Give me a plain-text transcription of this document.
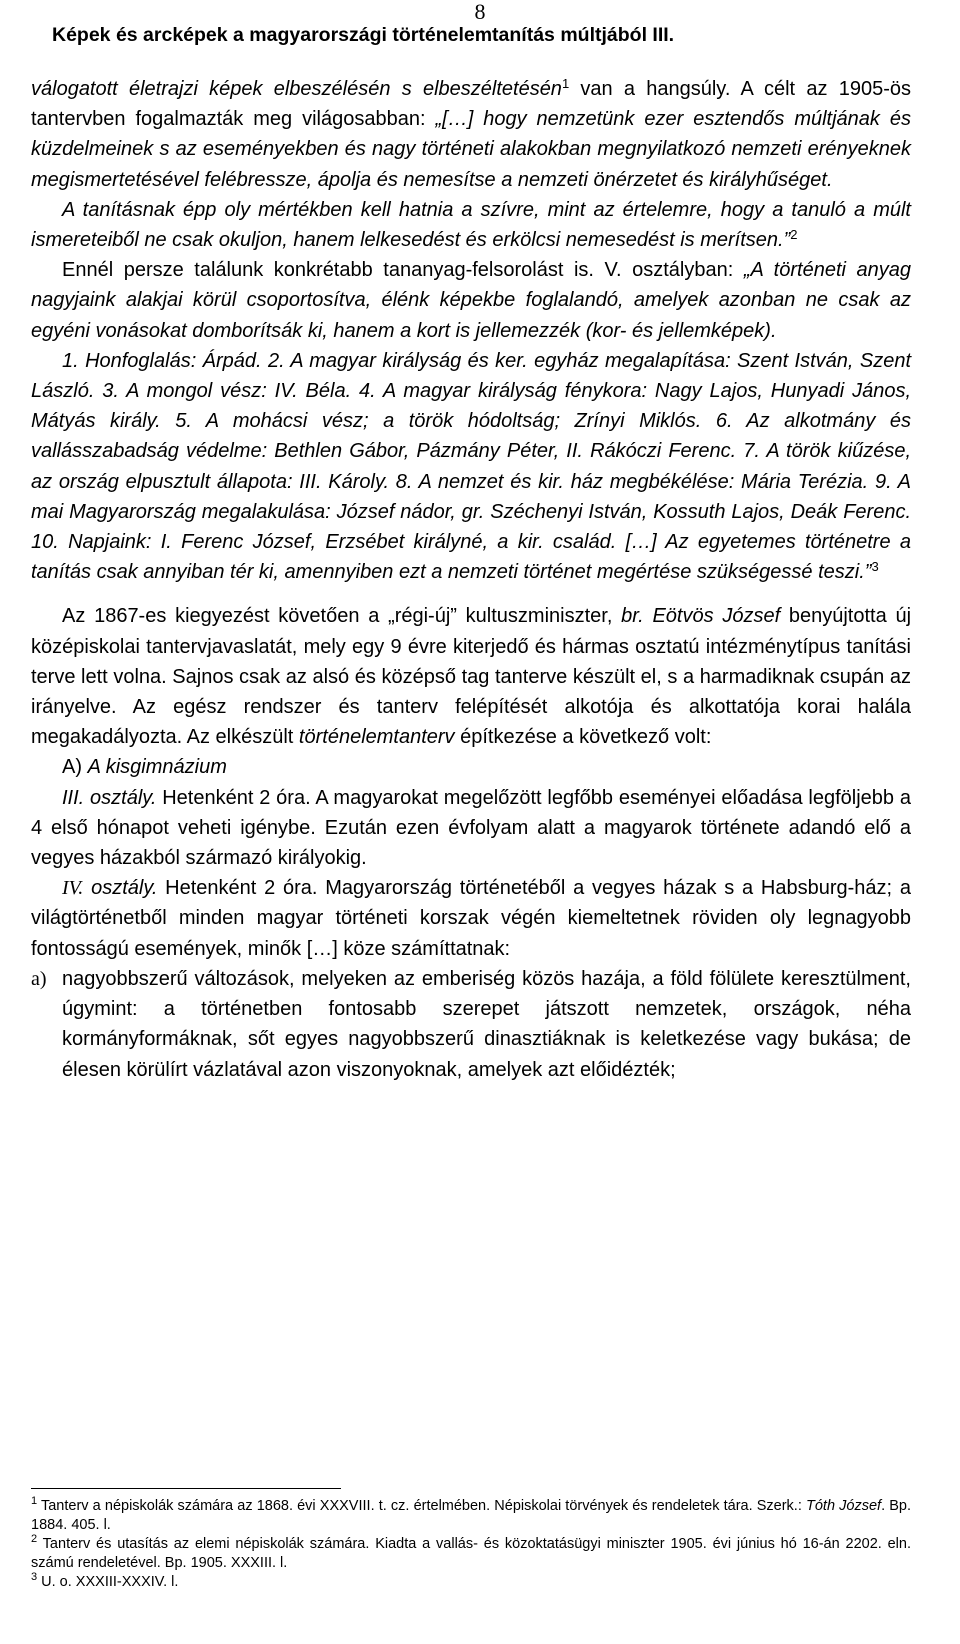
8
Képek és arcképek a magyarországi történelemtanítás múltjából III.

válogatott életrajzi képek elbeszélésén s elbeszéltetésén$^1$ van a hangsúly. A célt az 1905-ös tantervben fogalmazták meg világosabban: „[…] hogy nemzetünk ezer esztendős múltjának és küzdelmeinek s az eseményekben és nagy történeti alakokban megnyilatkozó nemzeti erényeknek megismertetésével felébressze, ápolja és nemesítse a nemzeti önérzetet és királyhűséget.

A tanításnak épp oly mértékben kell hatnia a szívre, mint az értelemre, hogy a tanuló a múlt ismereteiből ne csak okuljon, hanem lelkesedést és erkölcsi nemesedést is merítsen.”$^2$

Ennél persze találunk konkrétabb tananyag-felsorolást is. V. osztályban: „A történeti anyag nagyjaink alakjai körül csoportosítva, élénk képekbe foglalandó, amelyek azonban ne csak az egyéni vonásokat domborítsák ki, hanem a kort is jellemezzék (kor- és jellemképek).

1. Honfoglalás: Árpád. 2. A magyar királyság és ker. egyház megalapítása: Szent István, Szent László. 3. A mongol vész: IV. Béla. 4. A magyar királyság fénykora: Nagy Lajos, Hunyadi János, Mátyás király. 5. A mohácsi vész; a török hódoltság; Zrínyi Miklós. 6. Az alkotmány és vallásszabadság védelme: Bethlen Gábor, Pázmány Péter, II. Rákóczi Ferenc. 7. A török kiűzése, az ország elpusztult állapota: III. Károly. 8. A nemzet és kir. ház megbékélése: Mária Terézia. 9. A mai Magyarország megalakulása: József nádor, gr. Széchenyi István, Kossuth Lajos, Deák Ferenc. 10. Napjaink: I. Ferenc József, Erzsébet királyné, a kir. család. […] Az egyetemes történetre a tanítás csak annyiban tér ki, amennyiben ezt a nemzeti történet megértése szükségessé teszi.”$^3$

Az 1867-es kiegyezést követően a „régi-új” kultuszminiszter, br. Eötvös József benyújtotta új középiskolai tantervjavaslatát, mely egy 9 évre kiterjedő és hármas osztatú intézménytípus tanítási terve lett volna. Sajnos csak az alsó és középső tag tanterve készült el, s a harmadiknak csupán az irányelve. Az egész rendszer és tanterv felépítését alkotója és alkottatója korai halála megakadályozta. Az elkészült történelemtanterv építkezése a következő volt:

A) A kisgimnázium

III. osztály. Hetenként 2 óra. A magyarokat megelőzött legfőbb eseményei előadása legföljebb a 4 első hónapot veheti igénybe. Ezután ezen évfolyam alatt a magyarok története adandó elő a vegyes házakból származó királyokig.

IV. osztály. Hetenként 2 óra. Magyarország történetéből a vegyes házak s a Habsburg-ház; a világtörténetből minden magyar történeti korszak végén kiemeltetnek röviden oly legnagyobb fontosságú események, minők […] köze számíttatnak:

a) nagyobbszerű változások, melyeken az emberiség közös hazája, a föld fölülete keresztülment, úgymint: a történetben fontosabb szerepet játszott nemzetek, országok, néha kormányformáknak, sőt egyes nagyobbszerű dinasztiáknak is keletkezése vagy bukása; de élesen körülírt vázlatával azon viszonyoknak, amelyek azt előidézték;

$^1$ Tanterv a népiskolák számára az 1868. évi XXXVIII. t. cz. értelmében. Népiskolai törvények és rendeletek tára. Szerk.: Tóth József. Bp. 1884. 405. l.

$^2$ Tanterv és utasítás az elemi népiskolák számára. Kiadta a vallás- és közoktatásügyi miniszter 1905. évi június hó 16-án 2202. eln. számú rendeletével. Bp. 1905. XXXIII. l.

$^3$ U. o. XXXIII-XXXIV. l.
